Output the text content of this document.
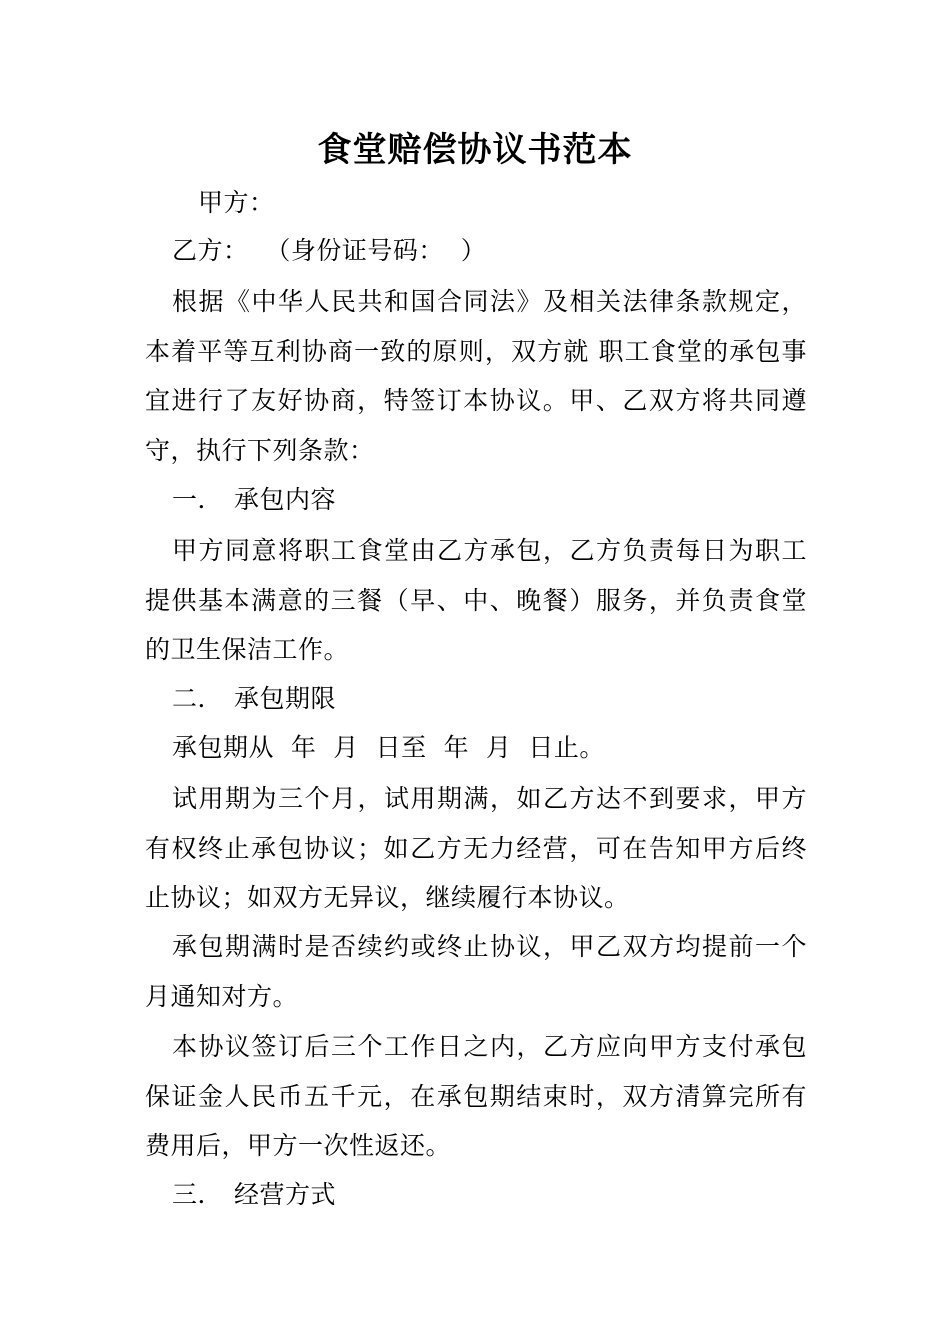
食堂赔偿协议书范本
甲方：
乙方：  （身份证号码：  ）
根据《中华人民共和国合同法》及相关法律条款规定，本着平等互利协商一致的原则，双方就 职工食堂的承包事宜进行了友好协商，特签订本协议。甲、乙双方将共同遵守，执行下列条款：
一． 承包内容
甲方同意将职工食堂由乙方承包，乙方负责每日为职工提供基本满意的三餐（早、中、晚餐）服务，并负责食堂的卫生保洁工作。
二． 承包期限
承包期从  年  月  日至  年  月  日止。
试用期为三个月，试用期满，如乙方达不到要求，甲方有权终止承包协议；如乙方无力经营，可在告知甲方后终止协议；如双方无异议，继续履行本协议。
承包期满时是否续约或终止协议，甲乙双方均提前一个月通知对方。
本协议签订后三个工作日之内，乙方应向甲方支付承包保证金人民币五千元，在承包期结束时，双方清算完所有费用后，甲方一次性返还。
三． 经营方式
